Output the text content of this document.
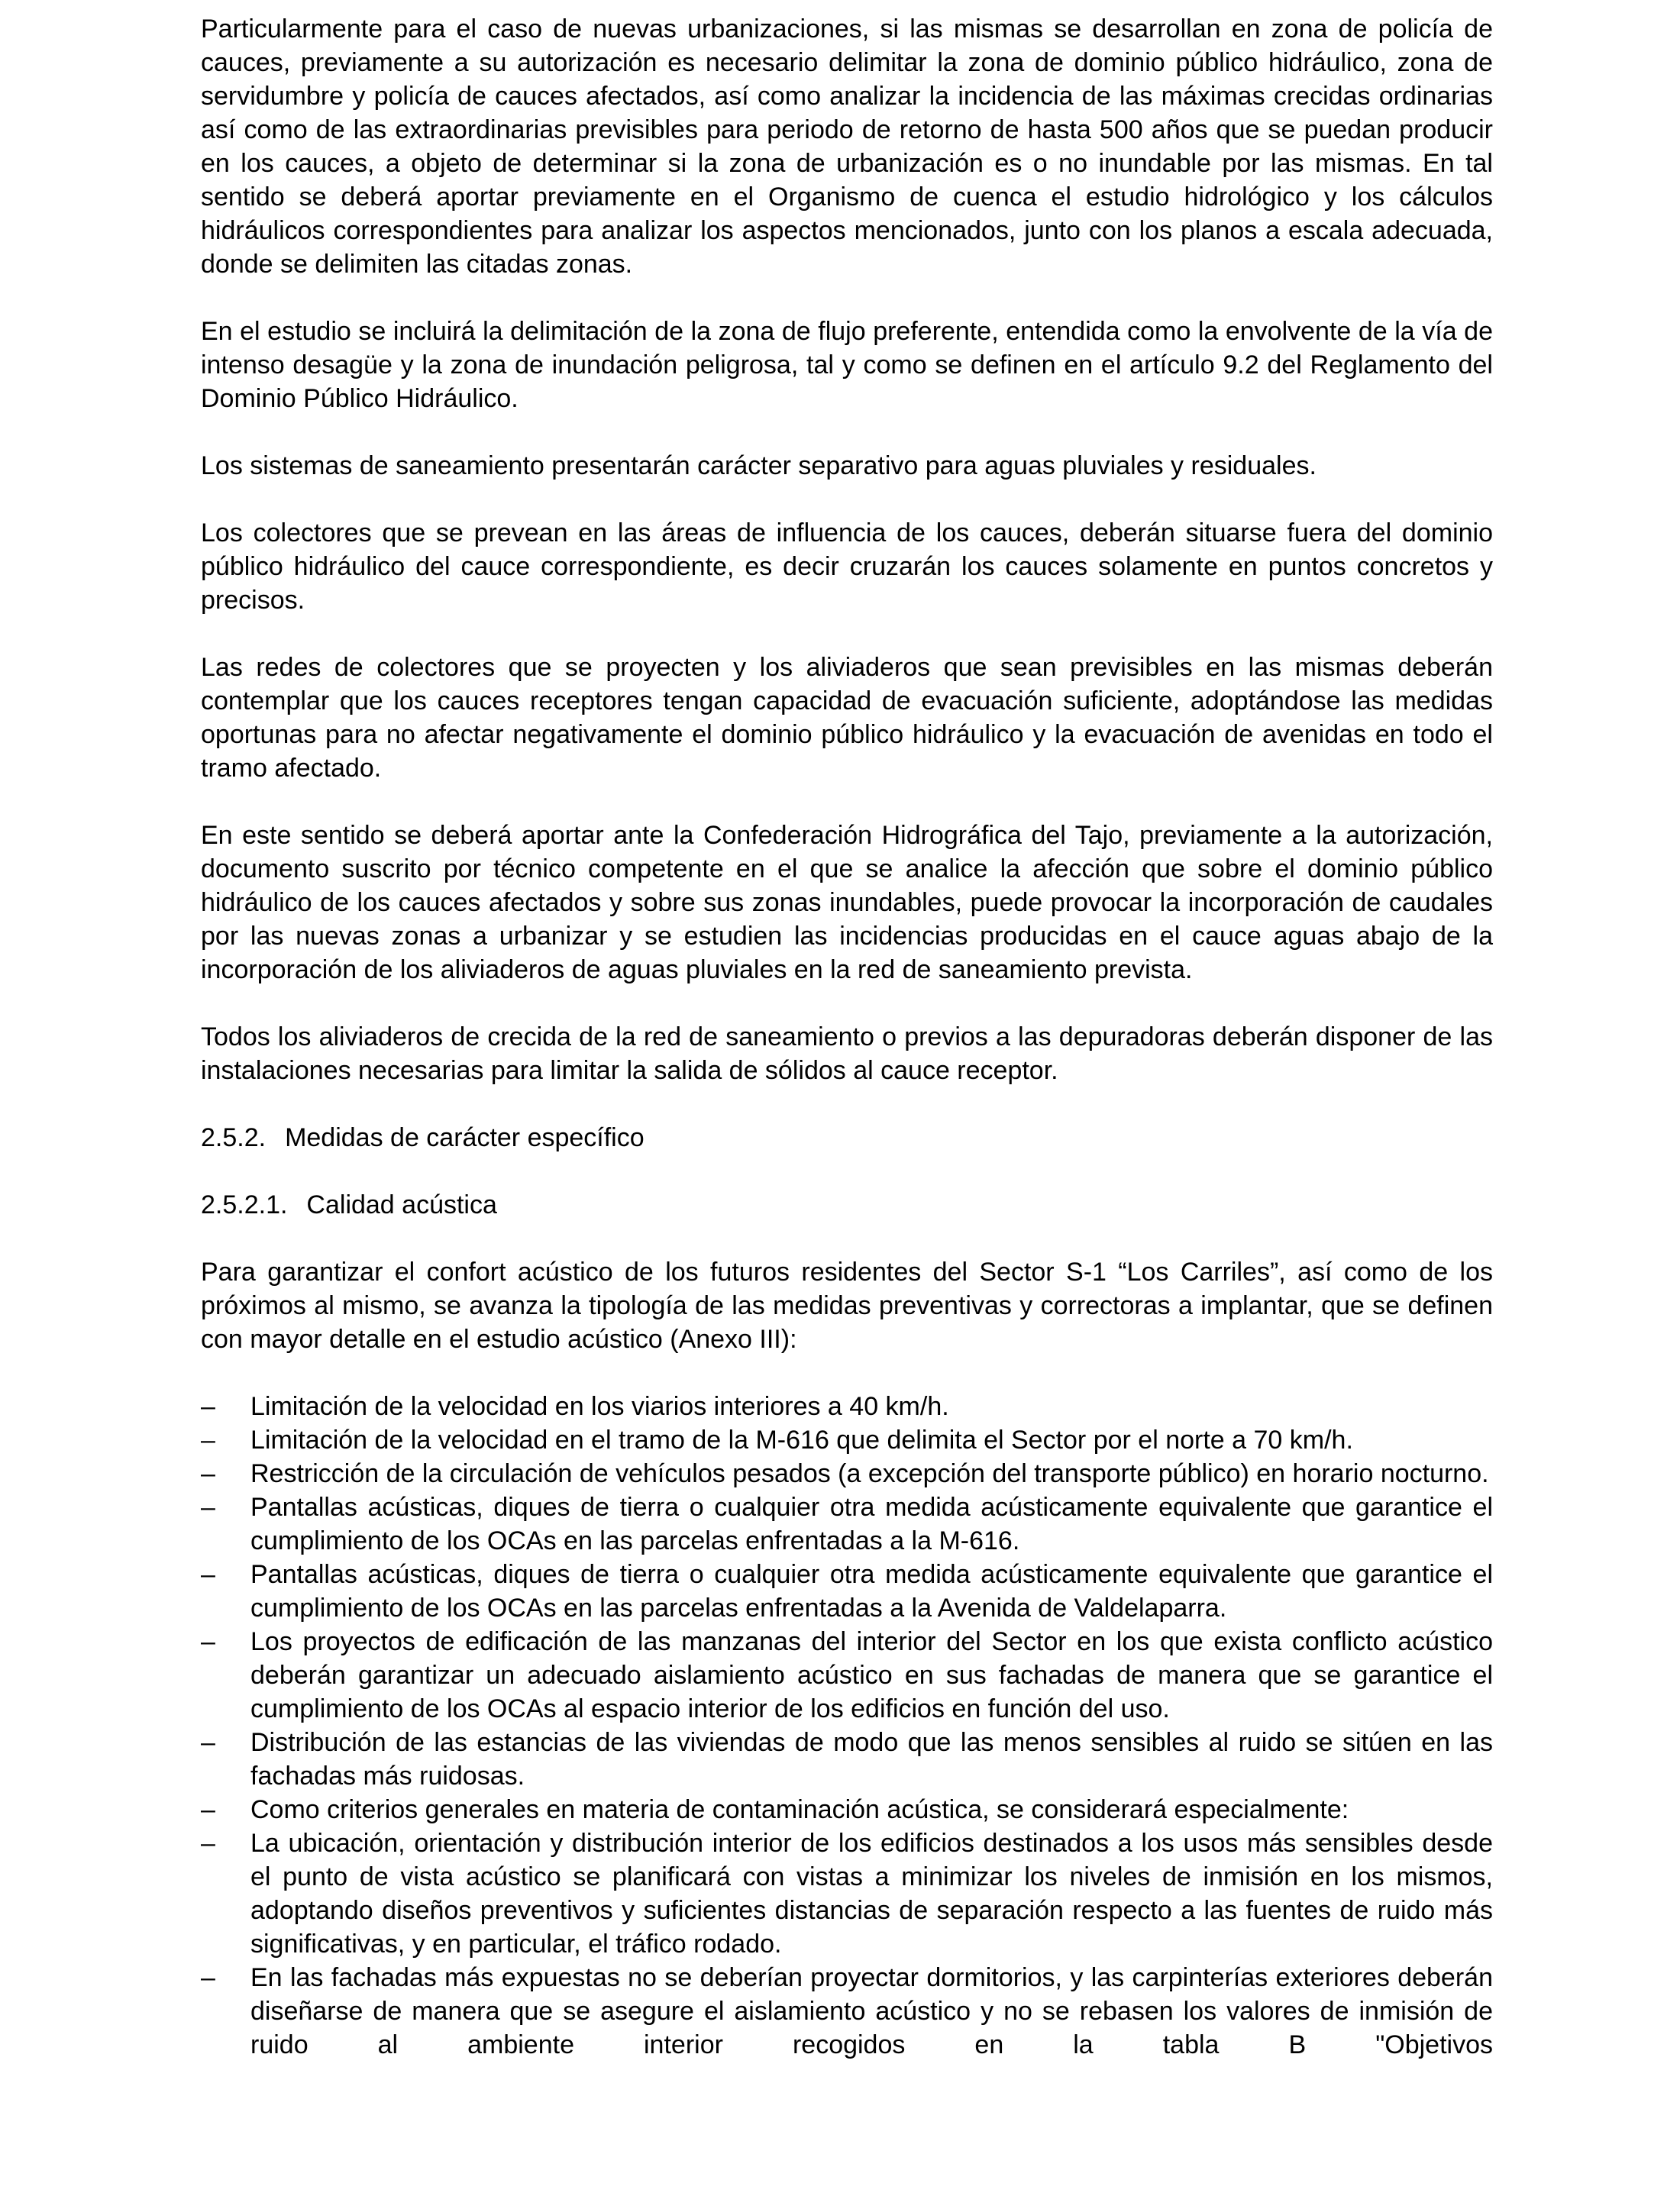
Particularmente para el caso de nuevas urbanizaciones, si las mismas se desarrollan en zona de policía de cauces, previamente a su autorización es necesario delimitar la zona de dominio público hidráulico, zona de servidumbre y policía de cauces afectados, así como analizar la incidencia de las máximas crecidas ordinarias así como de las extraordinarias previsibles para periodo de retorno de hasta 500 años que se puedan producir en los cauces, a objeto de determinar si la zona de urbanización es o no inundable por las mismas. En tal sentido se deberá aportar previamente en el Organismo de cuenca el estudio hidrológico y los cálculos hidráulicos correspondientes para analizar los aspectos mencionados, junto con los planos a escala adecuada, donde se delimiten las citadas zonas.

En el estudio se incluirá la delimitación de la zona de flujo preferente, entendida como la envolvente de la vía de intenso desagüe y la zona de inundación peligrosa, tal y como se definen en el artículo 9.2 del Reglamento del Dominio Público Hidráulico.

Los sistemas de saneamiento presentarán carácter separativo para aguas pluviales y residuales.

Los colectores que se prevean en las áreas de influencia de los cauces, deberán situarse fuera del dominio público hidráulico del cauce correspondiente, es decir cruzarán los cauces solamente en puntos concretos y precisos.

Las redes de colectores que se proyecten y los aliviaderos que sean previsibles en las mismas deberán contemplar que los cauces receptores tengan capacidad de evacuación suficiente, adoptándose las medidas oportunas para no afectar negativamente el dominio público hidráulico y la evacuación de avenidas en todo el tramo afectado.

En este sentido se deberá aportar ante la Confederación Hidrográfica del Tajo, previamente a la autorización, documento suscrito por técnico competente en el que se analice la afección que sobre el dominio público hidráulico de los cauces afectados y sobre sus zonas inundables, puede provocar la incorporación de caudales por las nuevas zonas a urbanizar y se estudien las incidencias producidas en el cauce aguas abajo de la incorporación de los aliviaderos de aguas pluviales en la red de saneamiento prevista.

Todos los aliviaderos de crecida de la red de saneamiento o previos a las depuradoras deberán disponer de las instalaciones necesarias para limitar la salida de sólidos al cauce receptor.

2.5.2. Medidas de carácter específico
2.5.2.1. Calidad acústica

Para garantizar el confort acústico de los futuros residentes del Sector S-1 “Los Carriles”, así como de los próximos al mismo, se avanza la tipología de las medidas preventivas y correctoras a implantar, que se definen con mayor detalle en el estudio acústico (Anexo III):

– Limitación de la velocidad en los viarios interiores a 40 km/h.
– Limitación de la velocidad en el tramo de la M-616 que delimita el Sector por el norte a 70 km/h.
– Restricción de la circulación de vehículos pesados (a excepción del transporte público) en horario nocturno.
– Pantallas acústicas, diques de tierra o cualquier otra medida acústicamente equivalente que garantice el cumplimiento de los OCAs en las parcelas enfrentadas a la M-616.
– Pantallas acústicas, diques de tierra o cualquier otra medida acústicamente equivalente que garantice el cumplimiento de los OCAs en las parcelas enfrentadas a la Avenida de Valdelaparra.
– Los proyectos de edificación de las manzanas del interior del Sector en los que exista conflicto acústico deberán garantizar un adecuado aislamiento acústico en sus fachadas de manera que se garantice el cumplimiento de los OCAs al espacio interior de los edificios en función del uso.
– Distribución de las estancias de las viviendas de modo que las menos sensibles al ruido se sitúen en las fachadas más ruidosas.
– Como criterios generales en materia de contaminación acústica, se considerará especialmente:
– La ubicación, orientación y distribución interior de los edificios destinados a los usos más sensibles desde el punto de vista acústico se planificará con vistas a minimizar los niveles de inmisión en los mismos, adoptando diseños preventivos y suficientes distancias de separación respecto a las fuentes de ruido más significativas, y en particular, el tráfico rodado.
– En las fachadas más expuestas no se deberían proyectar dormitorios, y las carpinterías exteriores deberán diseñarse de manera que se asegure el aislamiento acústico y no se rebasen los valores de inmisión de ruido al ambiente interior recogidos en la tabla B "Objetivos
